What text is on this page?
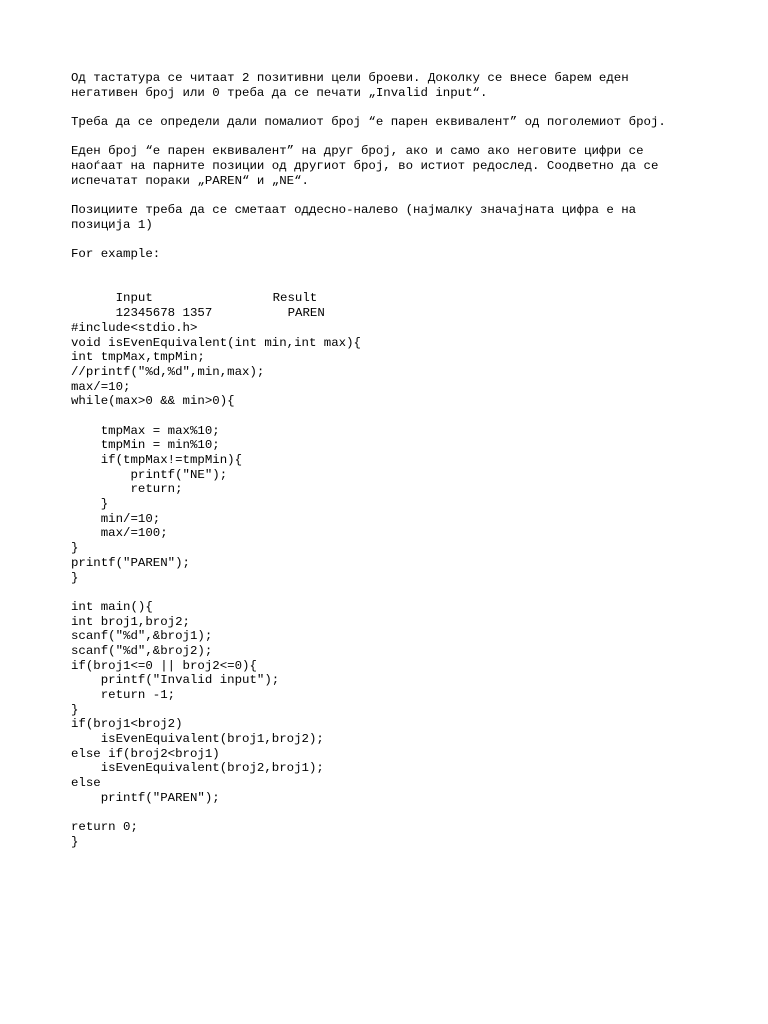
Од тастатура се читаат 2 позитивни цели броеви. Доколку се внесе барем еден
негативен број или 0 треба да се печати „Invalid input“.
Треба да се определи дали помалиот број “е парен еквивалент” од поголемиот број.
Еден број “е парен еквивалент” на друг број, ако и само ако неговите цифри се
наоѓаат на парните позиции од другиот број, во истиот редослед. Соодветно да се
испечатат пораки „PAREN“ и „NE“.
Позициите треба да се сметаат оддесно-налево (најмалку значајната цифра е на
позиција 1)
For example:

Input	Result

12345678 1357	PAREN

#include<stdio.h>
void isEvenEquivalent(int min,int max){
int tmpMax,tmpMin;
//printf("%d,%d",min,max);
max/=10;
while(max>0 && min>0){
tmpMax = max%10;
tmpMin = min%10;
if(tmpMax!=tmpMin){
printf("NE");
return;
}
min/=10;
max/=100;
}
printf("PAREN");
}
int main(){
int broj1,broj2;
scanf("%d",&broj1);
scanf("%d",&broj2);
if(broj1<=0 || broj2<=0){
printf("Invalid input");
return -1;
}
if(broj1<broj2)
isEvenEquivalent(broj1,broj2);
else if(broj2<broj1)
isEvenEquivalent(broj2,broj1);
else
printf("PAREN");
return 0;
}
